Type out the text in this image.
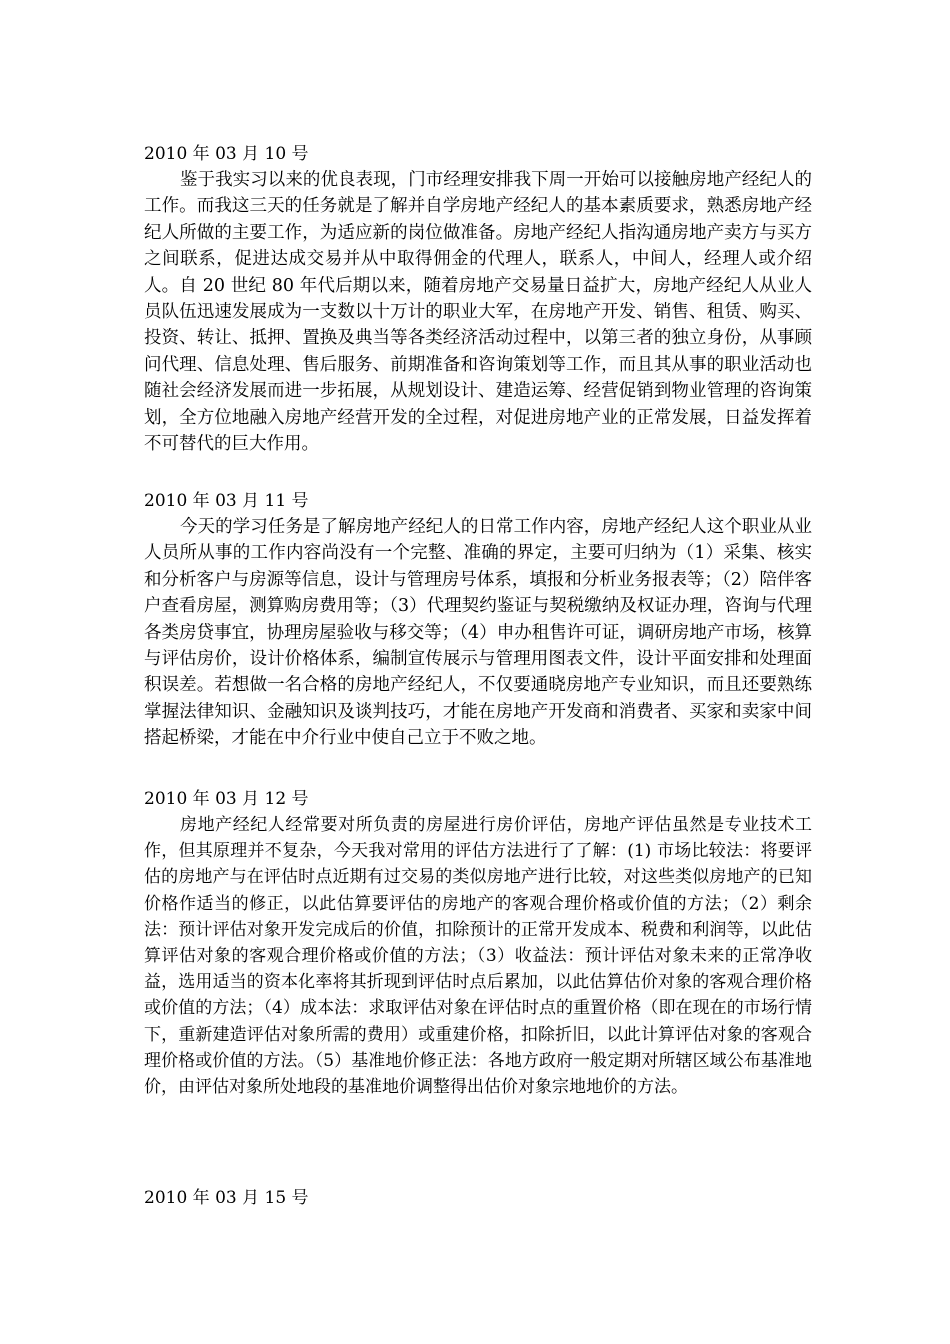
2010 年 03 月 10 号

鉴于我实习以来的优良表现，门市经理安排我下周一开始可以接触房地产经纪人的工作。而我这三天的任务就是了解并自学房地产经纪人的基本素质要求，熟悉房地产经纪人所做的主要工作，为适应新的岗位做准备。房地产经纪人指沟通房地产卖方与买方之间联系，促进达成交易并从中取得佣金的代理人，联系人，中间人，经理人或介绍人。自 20 世纪 80 年代后期以来，随着房地产交易量日益扩大，房地产经纪人从业人员队伍迅速发展成为一支数以十万计的职业大军，在房地产开发、销售、租赁、购买、投资、转让、抵押、置换及典当等各类经济活动过程中，以第三者的独立身份，从事顾问代理、信息处理、售后服务、前期准备和咨询策划等工作，而且其从事的职业活动也随社会经济发展而进一步拓展，从规划设计、建造运筹、经营促销到物业管理的咨询策划，全方位地融入房地产经营开发的全过程，对促进房地产业的正常发展，日益发挥着不可替代的巨大作用。

2010 年 03 月 11 号

今天的学习任务是了解房地产经纪人的日常工作内容，房地产经纪人这个职业从业人员所从事的工作内容尚没有一个完整、准确的界定，主要可归纳为（1）采集、核实和分析客户与房源等信息，设计与管理房号体系，填报和分析业务报表等；（2）陪伴客户查看房屋，测算购房费用等；（3）代理契约鉴证与契税缴纳及权证办理，咨询与代理各类房贷事宜，协理房屋验收与移交等；（4）申办租售许可证，调研房地产市场，核算与评估房价，设计价格体系，编制宣传展示与管理用图表文件，设计平面安排和处理面积误差。若想做一名合格的房地产经纪人，不仅要通晓房地产专业知识，而且还要熟练掌握法律知识、金融知识及谈判技巧，才能在房地产开发商和消费者、买家和卖家中间搭起桥梁，才能在中介行业中使自己立于不败之地。

2010 年 03 月 12 号

房地产经纪人经常要对所负责的房屋进行房价评估，房地产评估虽然是专业技术工作，但其原理并不复杂，今天我对常用的评估方法进行了了解：(1) 市场比较法：将要评估的房地产与在评估时点近期有过交易的类似房地产进行比较，对这些类似房地产的已知价格作适当的修正，以此估算要评估的房地产的客观合理价格或价值的方法；（2）剩余法：预计评估对象开发完成后的价值，扣除预计的正常开发成本、税费和利润等，以此估算评估对象的客观合理价格或价值的方法；（3）收益法：预计评估对象未来的正常净收益，选用适当的资本化率将其折现到评估时点后累加，以此估算估价对象的客观合理价格或价值的方法；（4）成本法：求取评估对象在评估时点的重置价格（即在现在的市场行情下，重新建造评估对象所需的费用）或重建价格，扣除折旧，以此计算评估对象的客观合理价格或价值的方法。（5）基准地价修正法：各地方政府一般定期对所辖区域公布基准地价，由评估对象所处地段的基准地价调整得出估价对象宗地地价的方法。

2010 年 03 月 15 号
